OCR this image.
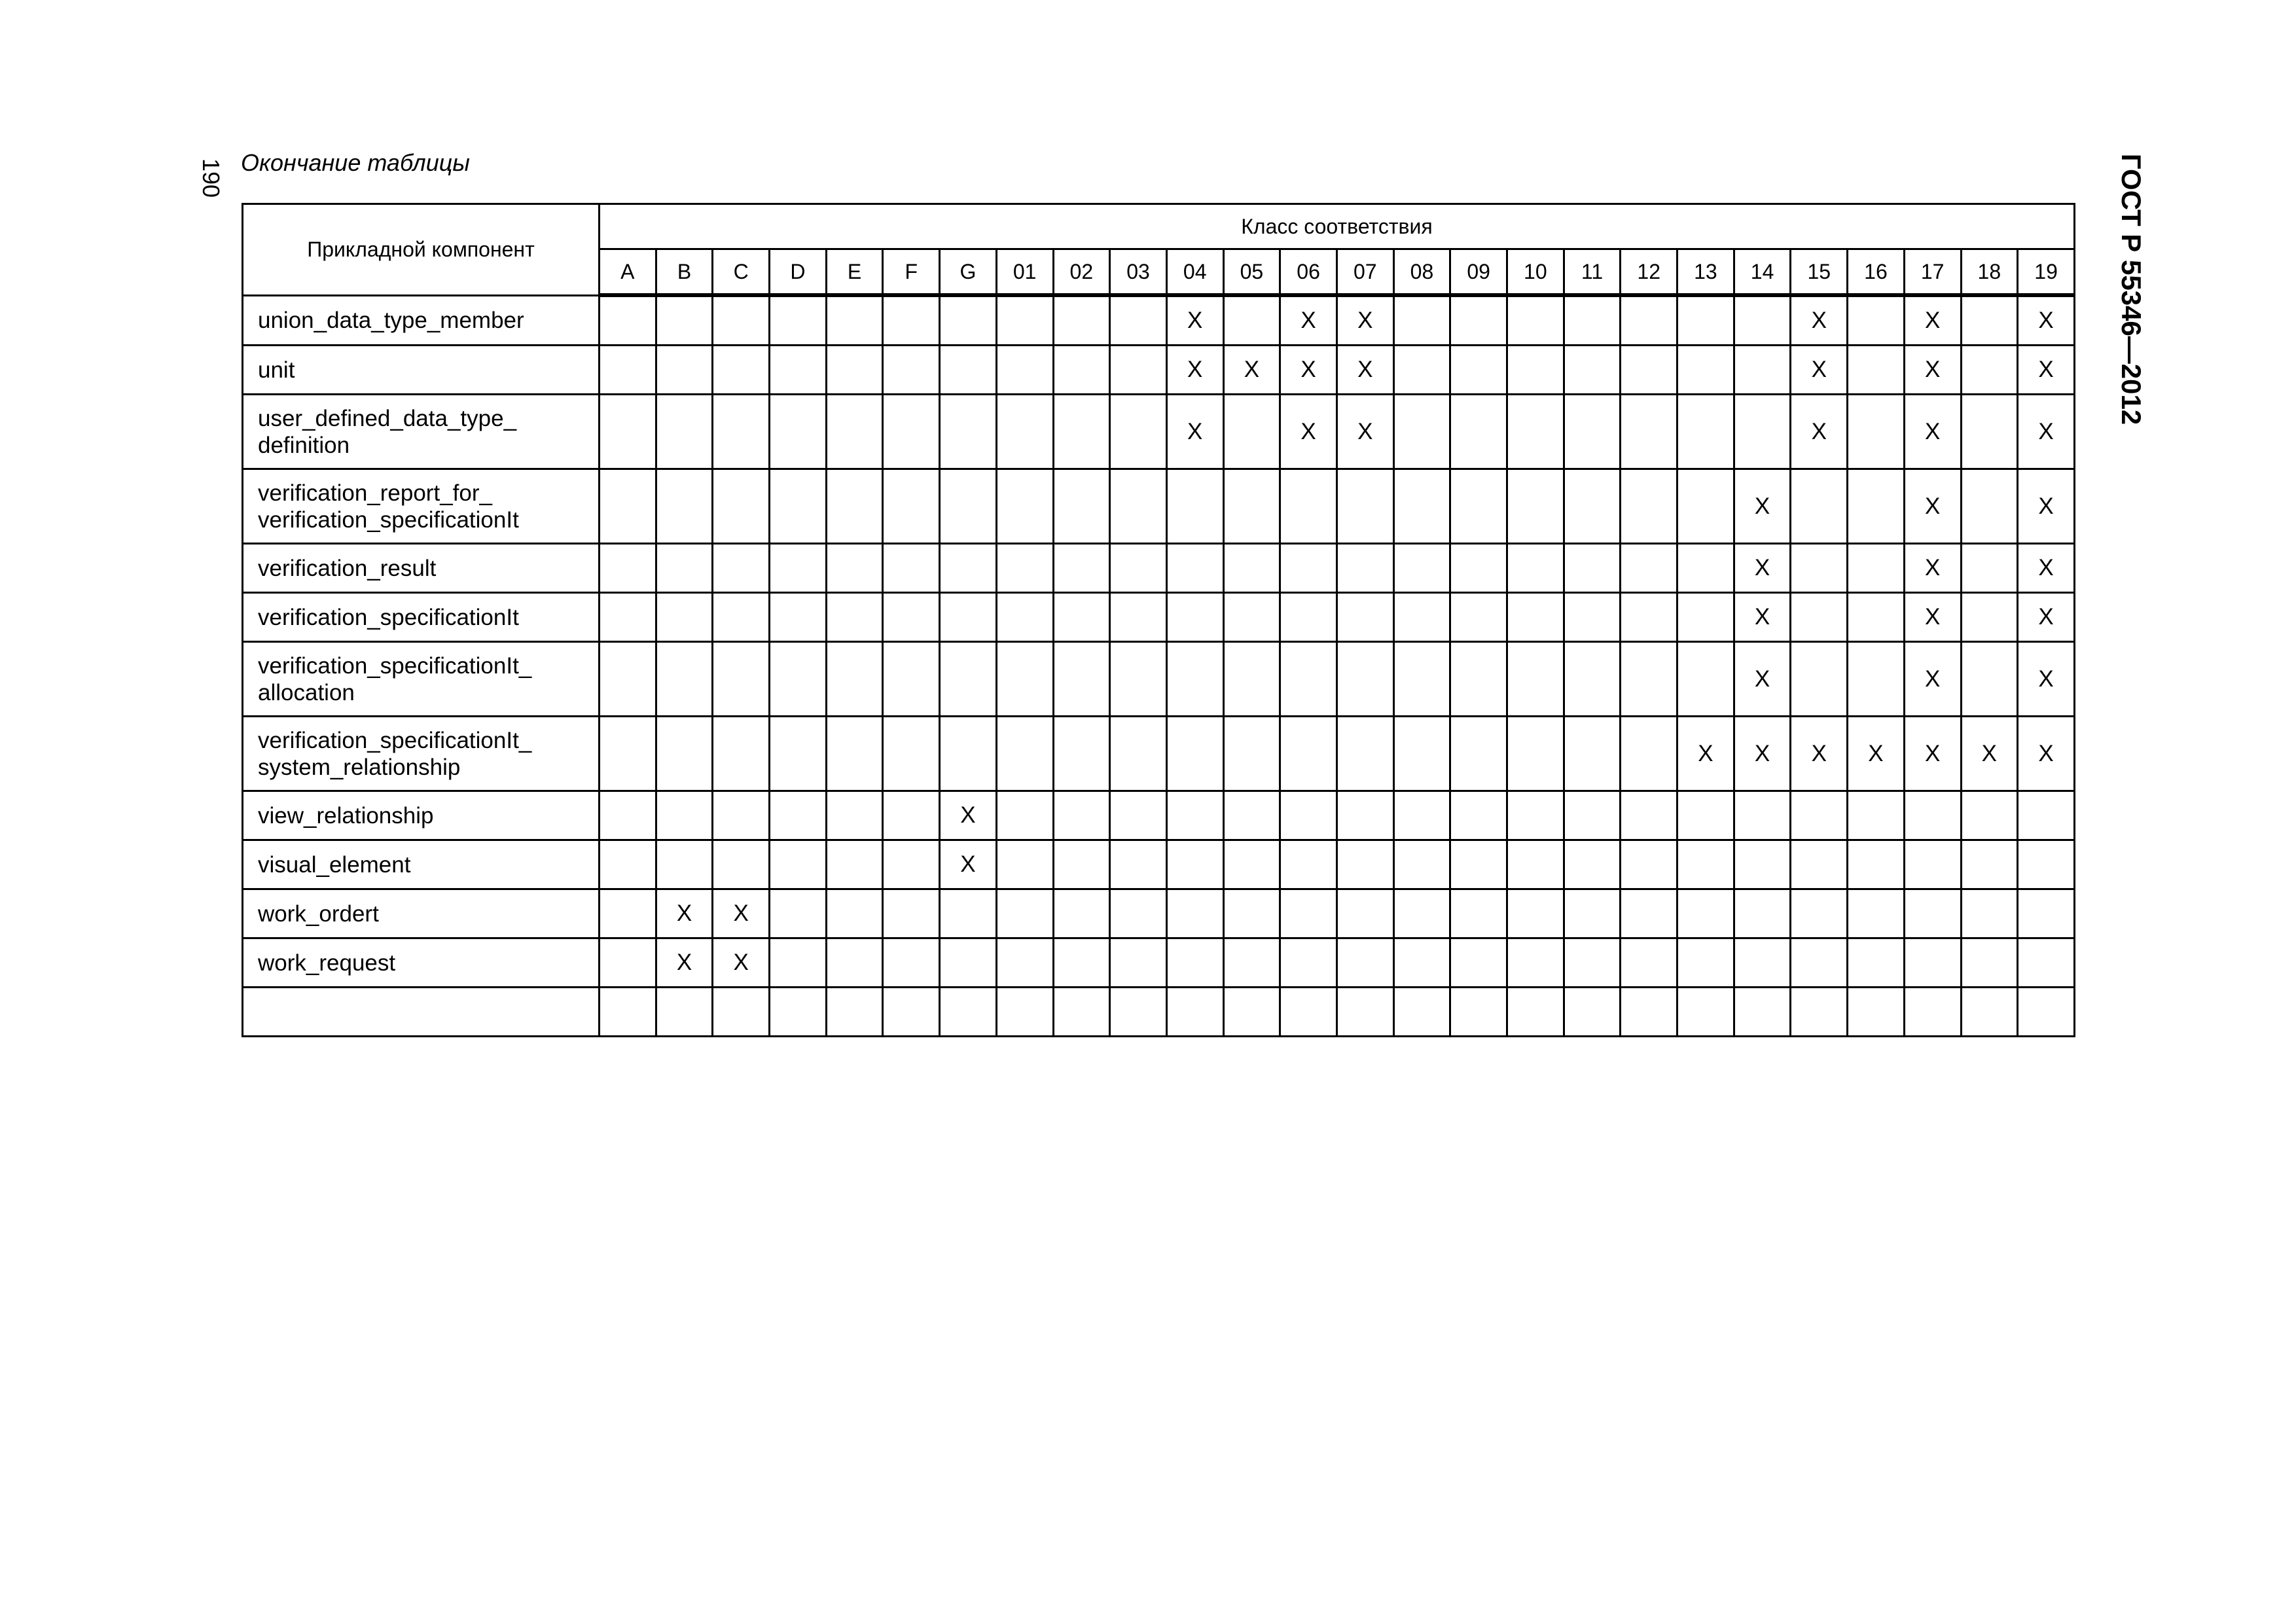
190	ГОСТ Р 55346—2012
Окончание таблицы
Прикладной компонент	Класс соответствия																									
	A	B	C	D	E	F	G	01	02	03	04	05	06	07	08	09	10	11	12	13	14	15	16	17	18	19

union_data_type_member											X		X	X								X		X		X

unit											X	X	X	X								X		X		X

user_defined_data_type_
definition											X		X	X								X		X		X

verification_report_for_
verification_specificationIt																					X			X		X

verification_result																					X			X		X

verification_specificationIt																					X			X		X

verification_specificationIt_
allocation																					X			X		X

verification_specificationIt_
system_relationship																				X	X	X	X	X	X	X

view_relationship							X																			

visual_element							X																			

work_ordert		X	X																							

work_request		X	X																							
